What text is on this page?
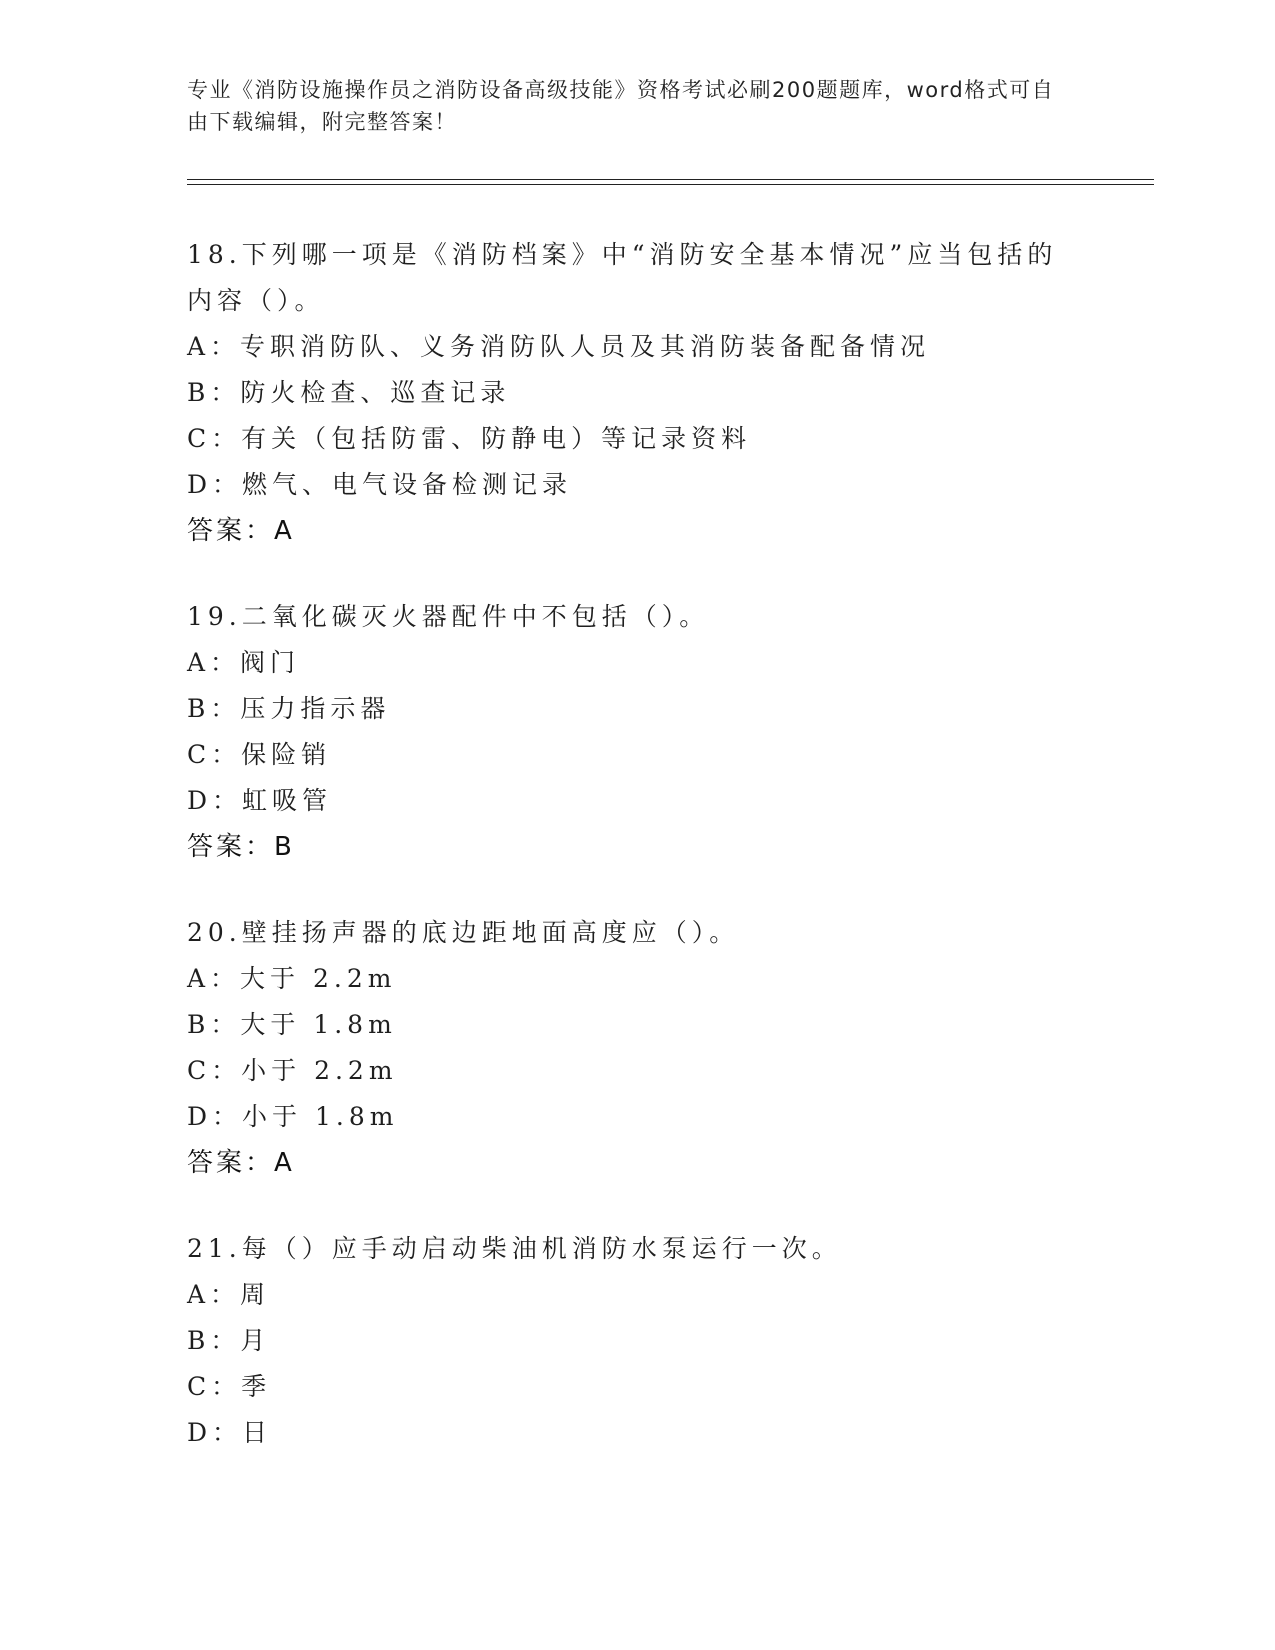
专业《消防设施操作员之消防设备高级技能》资格考试必刷200题题库，word格式可自由下载编辑，附完整答案！

18.下列哪一项是《消防档案》中“消防安全基本情况”应当包括的内容（）。

A：专职消防队、义务消防队人员及其消防装备配备情况

B：防火检查、巡查记录

C：有关（包括防雷、防静电）等记录资料

D：燃气、电气设备检测记录

答案：A

19.二氧化碳灭火器配件中不包括（）。

A：阀门

B：压力指示器

C：保险销

D：虹吸管

答案：B

20.壁挂扬声器的底边距地面高度应（）。

A：大于 2.2m

B：大于 1.8m

C：小于 2.2m

D：小于 1.8m

答案：A

21.每（）应手动启动柴油机消防水泵运行一次。

A：周

B：月

C：季

D：日
